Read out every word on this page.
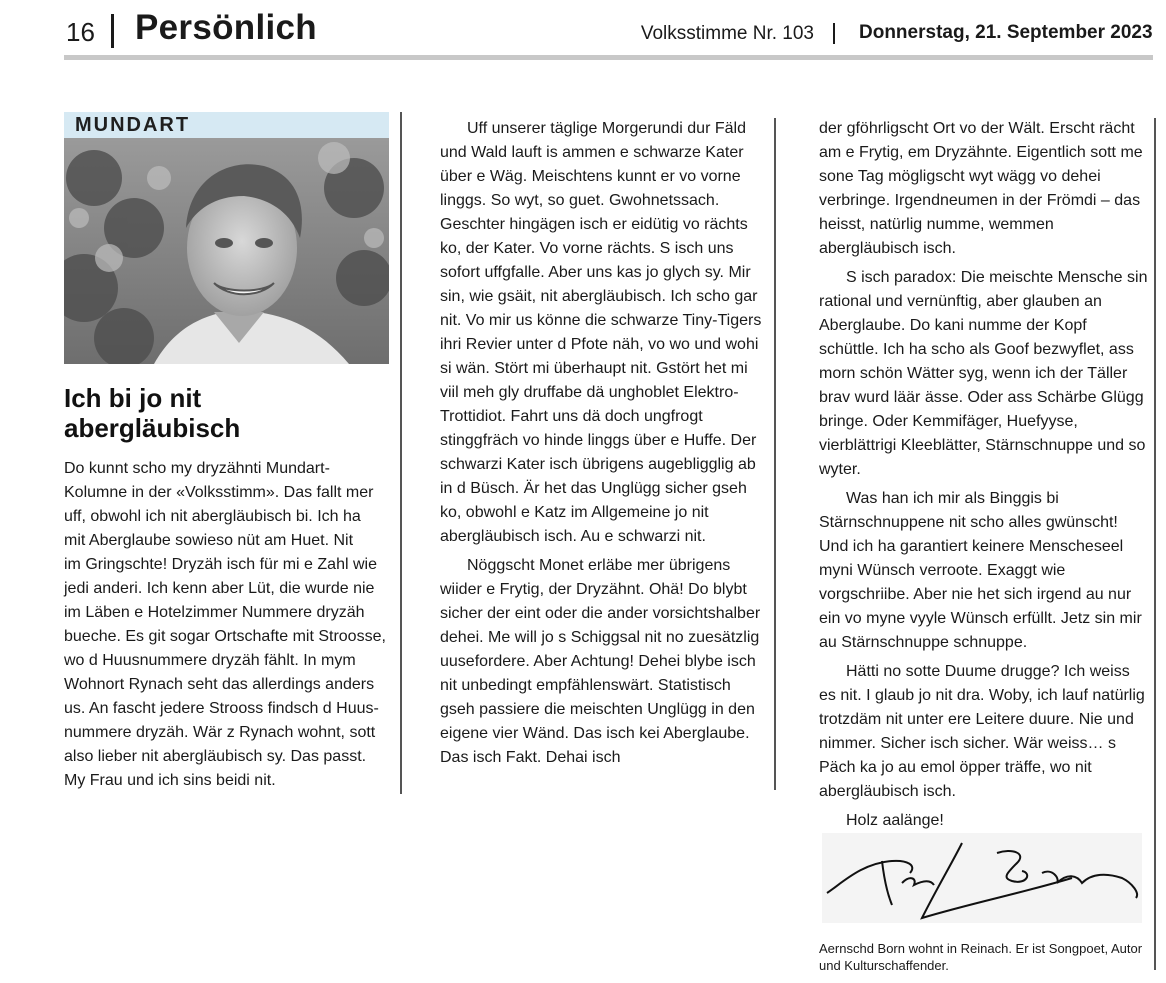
16 Persönlich	Volksstimme Nr. 103 Donnerstag, 21. September 2023
MUNDART
Ich bi jo nit
abergläubisch

Do kunnt scho my dryzähnti Mundart-

Kolumne in der «Volksstimm». Das fallt mer

uff, obwohl ich nit abergläubisch bi. Ich ha

mit Aberglaube sowieso nüt am Huet. Nit

im Gringschte! Dryzäh isch für mi e Zahl wie

jedi anderi. Ich kenn aber Lüt, die wurde nie

im Läben e Hotelzimmer Nummere dryzäh

bueche. Es git sogar Ortschafte mit Stroosse,

wo d Huusnummere dryzäh fählt. In mym

Wohnort Rynach seht das allerdings anders

us. An fascht jedere Strooss findsch d Huus-

nummere dryzäh. Wär z Rynach wohnt, sott

also lieber nit abergläubisch sy. Das passt.

My Frau und ich sins beidi nit.

Uff unserer täglige Morgerundi dur Fäld und Wald lauft is ammen e schwarze Kater über e Wäg. Meischtens kunnt er vo vorne linggs. So wyt, so guet. Gwohnetssach. Geschter hingägen isch er eidütig vo rächts ko, der Kater. Vo vorne rächts. S isch uns sofort uffgfalle. Aber uns kas jo glych sy. Mir sin, wie gsäit, nit abergläubisch. Ich scho gar nit. Vo mir us könne die schwarze Tiny-Tigers ihri Revier unter d Pfote näh, vo wo und wohi si wän. Stört mi überhaupt nit. Gstört het mi viil meh gly druffabe dä unghoblet Elektro-Trottidiot. Fahrt uns dä doch ungfrogt stinggfräch vo hinde linggs über e Huffe. Der schwarzi Kater isch übrigens augebligglig ab in d Büsch. Är het das Unglügg sicher gseh ko, obwohl e Katz im Allgemeine jo nit abergläubisch isch. Au e schwarzi nit.

Nöggscht Monet erläbe mer übrigens wiider e Frytig, der Dryzähnt. Ohä! Do blybt sicher der eint oder die ander vorsichtshalber dehei. Me will jo s Schiggsal nit no zuesätzlig uusefordere. Aber Achtung! Dehei blybe isch nit unbedingt empfählenswärt. Statistisch gseh passiere die meischten Unglügg in den eigene vier Wänd. Das isch kei Aberglaube. Das isch Fakt. Dehai isch

der gföhrligscht Ort vo der Wält. Erscht rächt am e Frytig, em Dryzähnte. Eigentlich sott me sone Tag mögligscht wyt wägg vo dehei verbringe. Irgendneumen in der Frömdi – das heisst, natürlig numme, wemmen abergläubisch isch.

S isch paradox: Die meischte Mensche sin rational und vernünftig, aber glauben an Aberglaube. Do kani numme der Kopf schüttle. Ich ha scho als Goof bezwyflet, ass morn schön Wätter syg, wenn ich der Täller brav wurd läär ässe. Oder ass Schärbe Glügg bringe. Oder Kemmifäger, Huefyyse, vierblättrigi Kleeblätter, Stärnschnuppe und so wyter.

Was han ich mir als Binggis bi Stärnschnuppene nit scho alles gwünscht! Und ich ha garantiert keinere Menscheseel myni Wünsch verroote. Exaggt wie vorgschriibe. Aber nie het sich irgend au nur ein vo myne vyyle Wünsch erfüllt. Jetz sin mir au Stärnschnuppe schnuppe.

Hätti no sotte Duume drugge? Ich weiss es nit. I glaub jo nit dra. Woby, ich lauf natürlig trotzdäm nit unter ere Leitere duure. Nie und nimmer. Sicher isch sicher. Wär weiss… s Päch ka jo au emol öpper träffe, wo nit abergläubisch isch.

Holz aalänge!

Aernschd Born wohnt in Reinach. Er ist Songpoet, Autor und Kulturschaffender.
